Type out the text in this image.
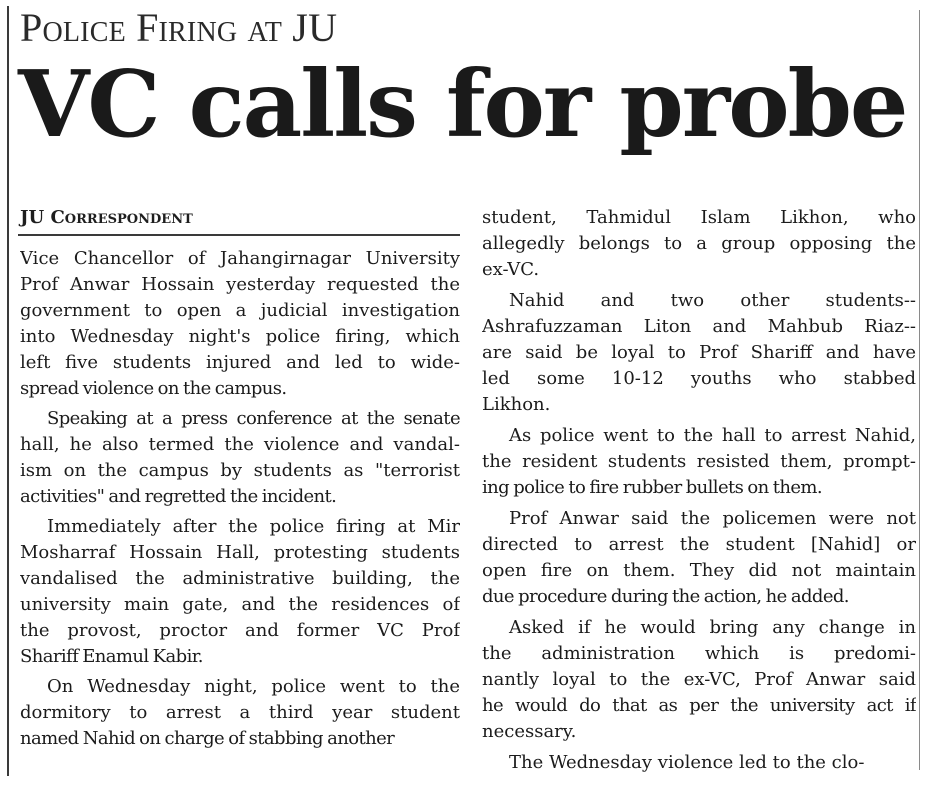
Police Firing at JU
VC calls for probe
JU Correspondent
Vice Chancellor of Jahangirnagar University
Prof Anwar Hossain yesterday requested the
government to open a judicial investigation
into Wednesday night's police firing, which
left five students injured and led to wide-
spread violence on the campus.
Speaking at a press conference at the senate
hall, he also termed the violence and vandal-
ism on the campus by students as "terrorist
activities" and regretted the incident.
Immediately after the police firing at Mir
Mosharraf Hossain Hall, protesting students
vandalised the administrative building, the
university main gate, and the residences of
the provost, proctor and former VC Prof
Shariff Enamul Kabir.
On Wednesday night, police went to the
dormitory to arrest a third year student
named Nahid on charge of stabbing another
student, Tahmidul Islam Likhon, who
allegedly belongs to a group opposing the
ex-VC.
Nahid and two other students--
Ashrafuzzaman Liton and Mahbub Riaz--
are said be loyal to Prof Shariff and have
led some 10-12 youths who stabbed
Likhon.
As police went to the hall to arrest Nahid,
the resident students resisted them, prompt-
ing police to fire rubber bullets on them.
Prof Anwar said the policemen were not
directed to arrest the student [Nahid] or
open fire on them. They did not maintain
due procedure during the action, he added.
Asked if he would bring any change in
the administration which is predomi-
nantly loyal to the ex-VC, Prof Anwar said
he would do that as per the university act if
necessary.
The Wednesday violence led to the clo-
